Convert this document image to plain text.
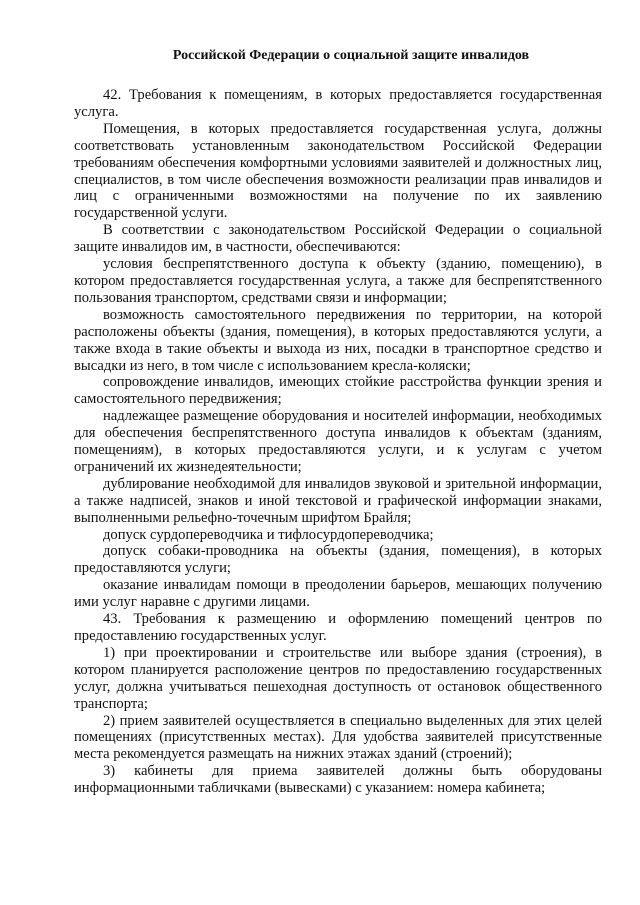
Российской Федерации о социальной защите инвалидов

42. Требования к помещениям, в которых предоставляется государственная услуга.

Помещения, в которых предоставляется государственная услуга, должны соответствовать установленным законодательством Российской Федерации требованиям обеспечения комфортными условиями заявителей и должностных лиц, специалистов, в том числе обеспечения возможности реализации прав инвалидов и лиц с ограниченными возможностями на получение по их заявлению государственной услуги.

В соответствии с законодательством Российской Федерации о социальной защите инвалидов им, в частности, обеспечиваются:

условия беспрепятственного доступа к объекту (зданию, помещению), в котором предоставляется государственная услуга, а также для беспрепятственного пользования транспортом, средствами связи и информации;

возможность самостоятельного передвижения по территории, на которой расположены объекты (здания, помещения), в которых предоставляются услуги, а также входа в такие объекты и выхода из них, посадки в транспортное средство и высадки из него, в том числе с использованием кресла-коляски;

сопровождение инвалидов, имеющих стойкие расстройства функции зрения и самостоятельного передвижения;

надлежащее размещение оборудования и носителей информации, необходимых для обеспечения беспрепятственного доступа инвалидов к объектам (зданиям, помещениям), в которых предоставляются услуги, и к услугам с учетом ограничений их жизнедеятельности;

дублирование необходимой для инвалидов звуковой и зрительной информации, а также надписей, знаков и иной текстовой и графической информации знаками, выполненными рельефно-точечным шрифтом Брайля;

допуск сурдопереводчика и тифлосурдопереводчика;

допуск собаки-проводника на объекты (здания, помещения), в которых предоставляются услуги;

оказание инвалидам помощи в преодолении барьеров, мешающих получению ими услуг наравне с другими лицами.

43. Требования к размещению и оформлению помещений центров по предоставлению государственных услуг.

1) при проектировании и строительстве или выборе здания (строения), в котором планируется расположение центров по предоставлению государственных услуг, должна учитываться пешеходная доступность от остановок общественного транспорта;

2) прием заявителей осуществляется в специально выделенных для этих целей помещениях (присутственных местах). Для удобства заявителей присутственные места рекомендуется размещать на нижних этажах зданий (строений);

3) кабинеты для приема заявителей должны быть оборудованы информационными табличками (вывесками) с указанием: номера кабинета;
